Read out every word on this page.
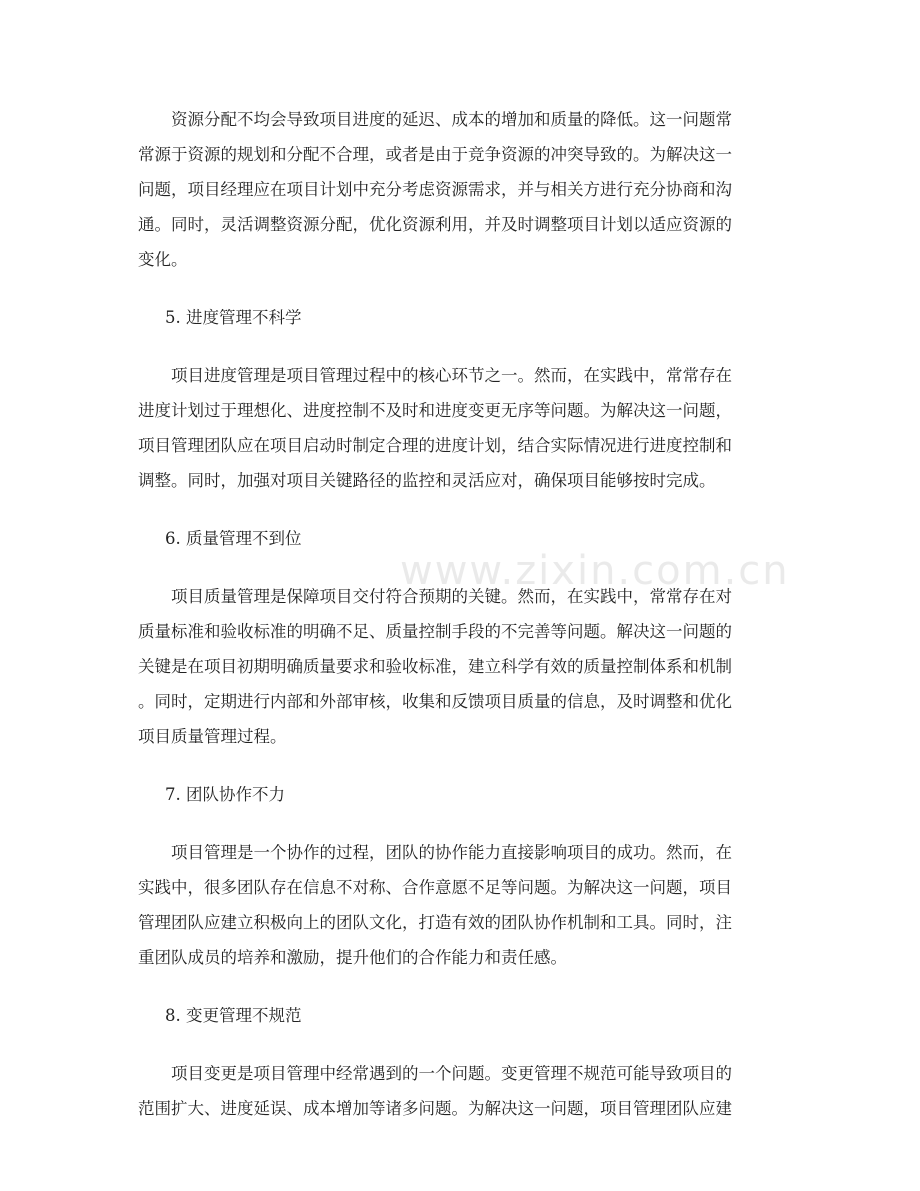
资源分配不均会导致项目进度的延迟、成本的增加和质量的降低。这一问题常
常源于资源的规划和分配不合理，或者是由于竞争资源的冲突导致的。为解决这一
问题，项目经理应在项目计划中充分考虑资源需求，并与相关方进行充分协商和沟
通。同时，灵活调整资源分配，优化资源利用，并及时调整项目计划以适应资源的
变化。
5. 进度管理不科学
项目进度管理是项目管理过程中的核心环节之一。然而，在实践中，常常存在
进度计划过于理想化、进度控制不及时和进度变更无序等问题。为解决这一问题，
项目管理团队应在项目启动时制定合理的进度计划，结合实际情况进行进度控制和
调整。同时，加强对项目关键路径的监控和灵活应对，确保项目能够按时完成。
6. 质量管理不到位
项目质量管理是保障项目交付符合预期的关键。然而，在实践中，常常存在对
质量标准和验收标准的明确不足、质量控制手段的不完善等问题。解决这一问题的
关键是在项目初期明确质量要求和验收标准，建立科学有效的质量控制体系和机制
。同时，定期进行内部和外部审核，收集和反馈项目质量的信息，及时调整和优化
项目质量管理过程。
7. 团队协作不力
项目管理是一个协作的过程，团队的协作能力直接影响项目的成功。然而，在
实践中，很多团队存在信息不对称、合作意愿不足等问题。为解决这一问题，项目
管理团队应建立积极向上的团队文化，打造有效的团队协作机制和工具。同时，注
重团队成员的培养和激励，提升他们的合作能力和责任感。
8. 变更管理不规范
项目变更是项目管理中经常遇到的一个问题。变更管理不规范可能导致项目的
范围扩大、进度延误、成本增加等诸多问题。为解决这一问题，项目管理团队应建
www.zixin.com.cn
